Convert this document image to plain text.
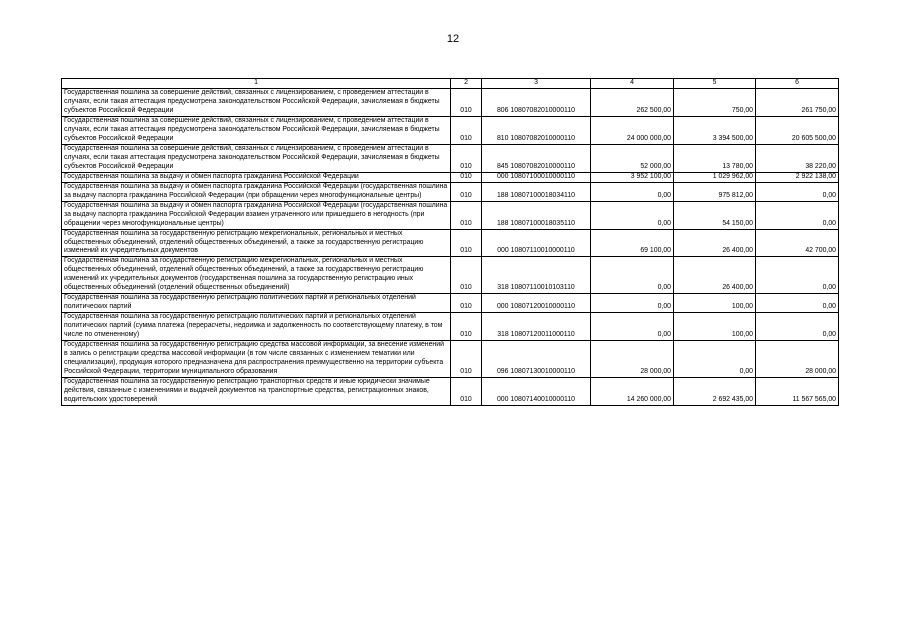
12
1	2	3	4	5	6
Государственная пошлина за совершение действий, связанных с лицензированием, с проведением аттестации в случаях, если такая аттестация предусмотрена законодательством Российской Федерации, зачисляемая в бюджеты субъектов Российской Федерации	010	806 10807082010000110	262 500,00	750,00	261 750,00
Государственная пошлина за совершение действий, связанных с лицензированием, с проведением аттестации в случаях, если такая аттестация предусмотрена законодательством Российской Федерации, зачисляемая в бюджеты субъектов Российской Федерации	010	810 10807082010000110	24 000 000,00	3 394 500,00	20 605 500,00
Государственная пошлина за совершение действий, связанных с лицензированием, с проведением аттестации в случаях, если такая аттестация предусмотрена законодательством Российской Федерации, зачисляемая в бюджеты субъектов Российской Федерации	010	845 10807082010000110	52 000,00	13 780,00	38 220,00
Государственная пошлина за выдачу и обмен паспорта гражданина Российской Федерации	010	000 10807100010000110	3 952 100,00	1 029 962,00	2 922 138,00
Государственная пошлина за выдачу и обмен паспорта гражданина Российской Федерации (государственная пошлина за выдачу паспорта гражданина Российской Федерации (при обращении через многофункциональные центры)	010	188 10807100018034110	0,00	975 812,00	0,00
Государственная пошлина за выдачу и обмен паспорта гражданина Российской Федерации (государственная пошлина за выдачу паспорта гражданина Российской Федерации взамен утраченного или пришедшего в негодность (при обращении через многофункциональные центры)	010	188 10807100018035110	0,00	54 150,00	0,00
Государственная пошлина за государственную регистрацию межрегиональных, региональных и местных общественных объединений, отделений общественных объединений, а также за государственную регистрацию изменений их учредительных документов	010	000 10807110010000110	69 100,00	26 400,00	42 700,00
Государственная пошлина за государственную регистрацию межрегиональных, региональных и местных общественных объединений, отделений общественных объединений, а также за государственную регистрацию изменений их учредительных документов (государственная пошлина за государственную регистрацию иных общественных объединений (отделений общественных объединений)	010	318 10807110010103110	0,00	26 400,00	0,00
Государственная пошлина за государственную регистрацию политических партий и региональных отделений политических партий	010	000 10807120010000110	0,00	100,00	0,00
Государственная пошлина за государственную регистрацию политических партий и региональных отделений политических партий (сумма платежа (перерасчеты, недоимка и задолженность по соответствующему платежу, в том числе по отмененному)	010	318 10807120011000110	0,00	100,00	0,00
Государственная пошлина за государственную регистрацию средства массовой информации, за внесение изменений в запись о регистрации средства массовой информации (в том числе связанных с изменением тематики или специализации), продукция которого предназначена для распространения преимущественно на территории субъекта Российской Федерации, территории муниципального образования	010	096 10807130010000110	28 000,00	0,00	28 000,00
Государственная пошлина за государственную регистрацию транспортных средств и иные юридически значимые действия, связанные с изменениями и выдачей документов на транспортные средства, регистрационных знаков, водительских удостоверений	010	000 10807140010000110	14 260 000,00	2 692 435,00	11 567 565,00
